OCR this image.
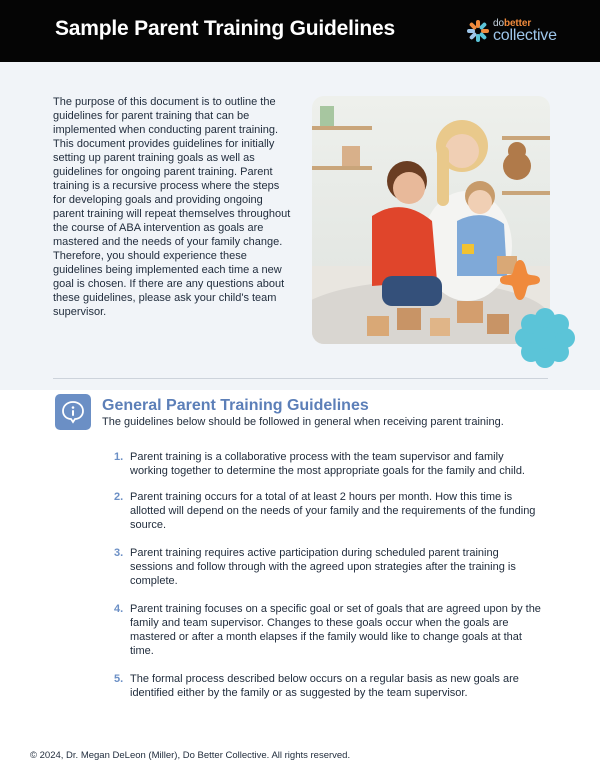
Sample Parent Training Guidelines	dobetter
collective

The purpose of this document is to outline the guidelines for parent training that can be implemented when conducting parent training. This document provides guidelines for initially setting up parent training goals as well as guidelines for ongoing parent training. Parent training is a recursive process where the steps for developing goals and providing ongoing parent training will repeat themselves throughout the course of ABA intervention as goals are mastered and the needs of your family change. Therefore, you should experience these guidelines being implemented each time a new goal is chosen. If there are any questions about these guidelines, please ask your child's team supervisor.

General Parent Training Guidelines
The guidelines below should be followed in general when receiving parent training.
1. Parent training is a collaborative process with the team supervisor and family working together to determine the most appropriate goals for the family and child.
2. Parent training occurs for a total of at least 2 hours per month. How this time is allotted will depend on the needs of your family and the requirements of the funding source.
3. Parent training requires active participation during scheduled parent training sessions and follow through with the agreed upon strategies after the training is complete.
4. Parent training focuses on a specific goal or set of goals that are agreed upon by the family and team supervisor. Changes to these goals occur when the goals are mastered or after a month elapses if the family would like to change goals at that time.
5. The formal process described below occurs on a regular basis as new goals are identified either by the family or as suggested by the team supervisor.
© 2024, Dr. Megan DeLeon (Miller), Do Better Collective. All rights reserved.
